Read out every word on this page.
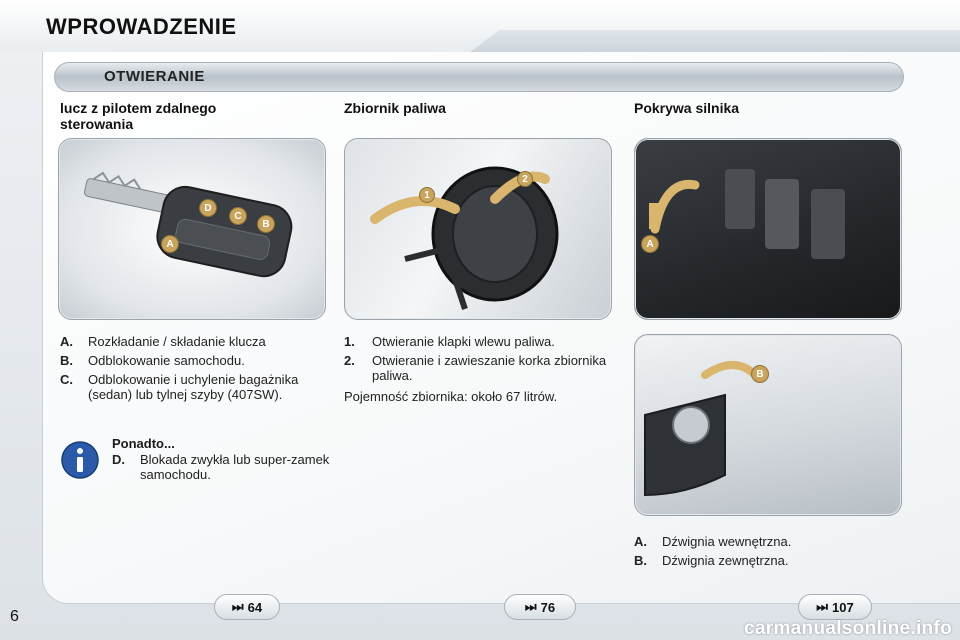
WPROWADZENIE
OTWIERANIE
lucz z pilotem zdalnego sterowania
Zbiornik paliwa	Pokrywa silnika
A
B
C
D
1
2
A
B
A.	Rozkładanie / składanie klucza
B.	Odblokowanie samochodu.
C.	Odblokowanie i uchylenie bagażnika (sedan) lub tylnej szyby (407SW).
Ponadto...
D.	Blokada zwykła lub super-zamek samochodu.
1.	Otwieranie klapki wlewu paliwa.
2.	Otwieranie i zawieszanie korka zbiornika paliwa.
Pojemność zbiornika: około 67 litrów.
A.	Dźwignia wewnętrzna.
B.	Dźwignia zewnętrzna.
⏭ 64	⏭ 76	⏭ 107
6
carmanualsonline.info
